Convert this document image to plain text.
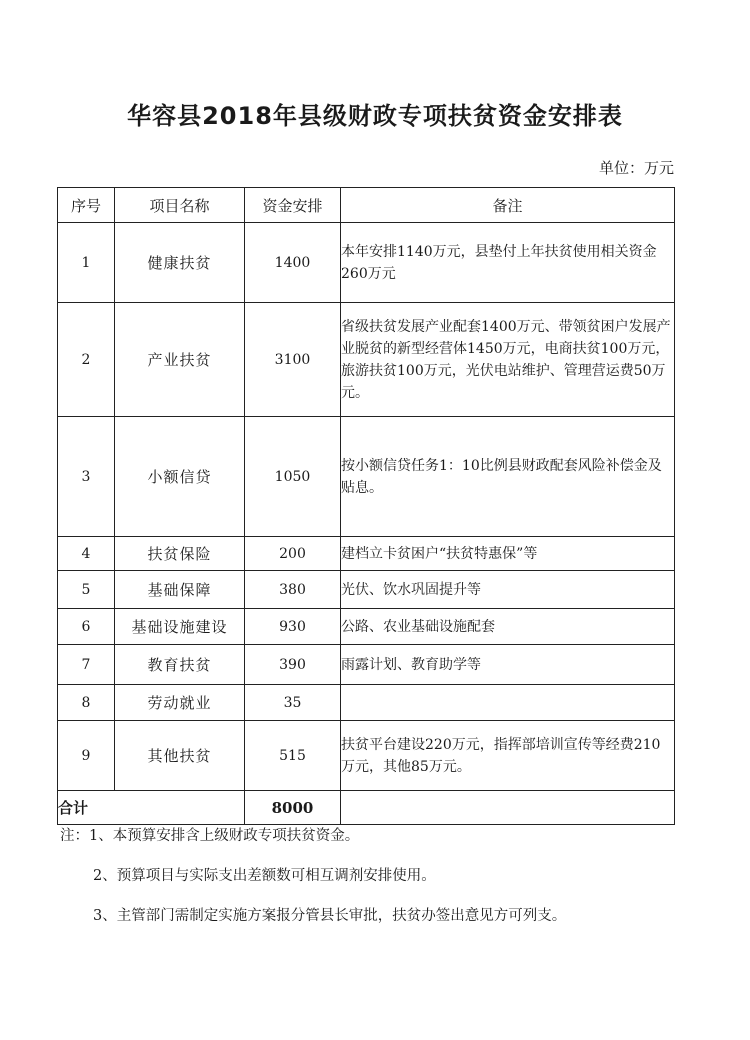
华容县2018年县级财政专项扶贫资金安排表
单位：万元
序号	项目名称	资金安排	备注
1	健康扶贫	1400	本年安排1140万元，县垫付上年扶贫使用相关资金260万元
2	产业扶贫	3100	省级扶贫发展产业配套1400万元、带领贫困户发展产业脱贫的新型经营体1450万元，电商扶贫100万元，旅游扶贫100万元，光伏电站维护、管理营运费50万元。
3	小额信贷	1050	按小额信贷任务1：10比例县财政配套风险补偿金及贴息。
4	扶贫保险	200	建档立卡贫困户“扶贫特惠保”等
5	基础保障	380	光伏、饮水巩固提升等
6	基础设施建设	930	公路、农业基础设施配套
7	教育扶贫	390	雨露计划、教育助学等
8	劳动就业	35	
9	其他扶贫	515	扶贫平台建设220万元，指挥部培训宣传等经费210万元，其他85万元。
合计		8000	
注：1、本预算安排含上级财政专项扶贫资金。
2、预算项目与实际支出差额数可相互调剂安排使用。
3、主管部门需制定实施方案报分管县长审批，扶贫办签出意见方可列支。
